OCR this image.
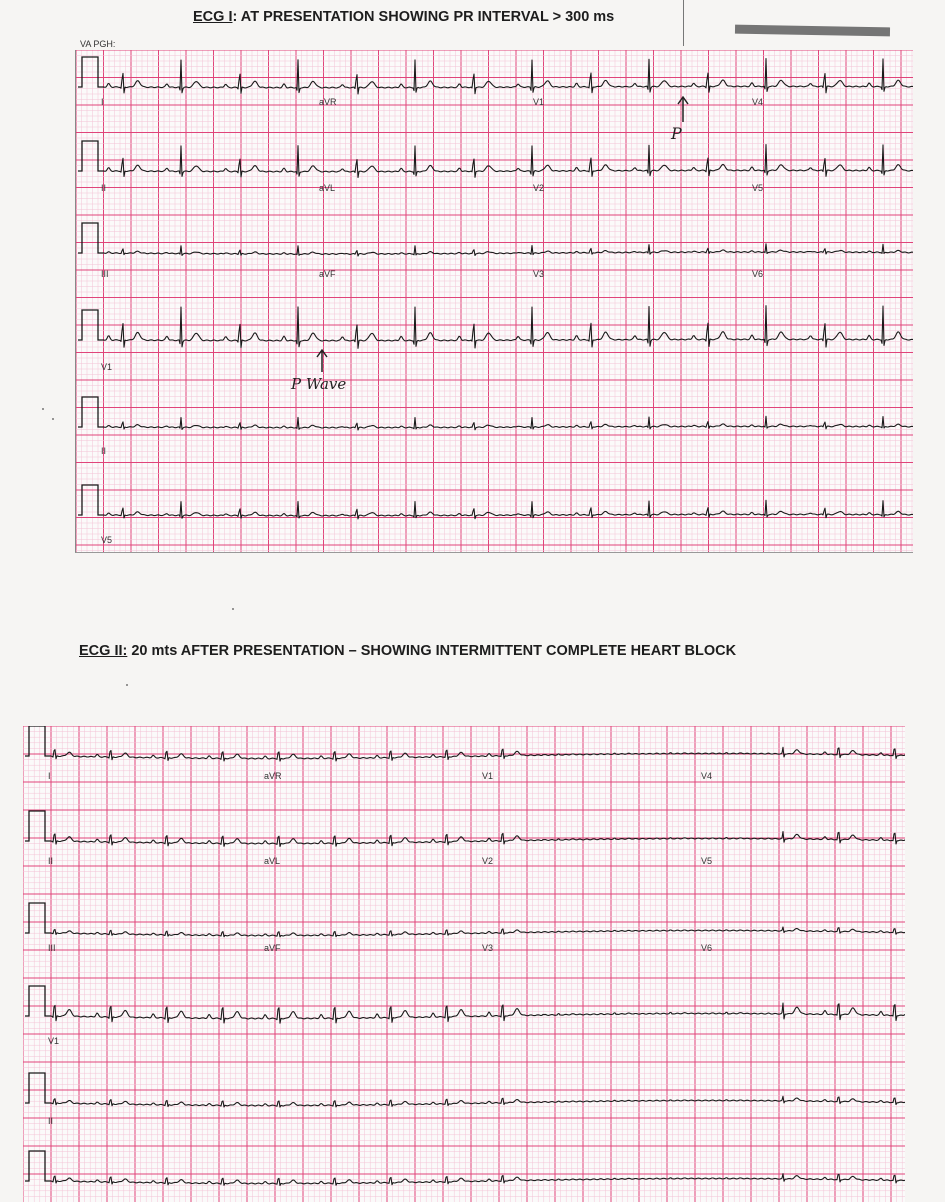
ECG I: AT PRESENTATION SHOWING PR INTERVAL > 300 ms
VA PGH:
I	aVR	V1	V4
II	aVL	V2	V5
III	aVF	V3	V6
V1
II
V5
P
P Wave
ECG II: 20 mts AFTER PRESENTATION – SHOWING INTERMITTENT COMPLETE HEART BLOCK
I	aVR	V1	V4
II	aVL	V2	V5
III	aVF	V3	V6
V1
II
